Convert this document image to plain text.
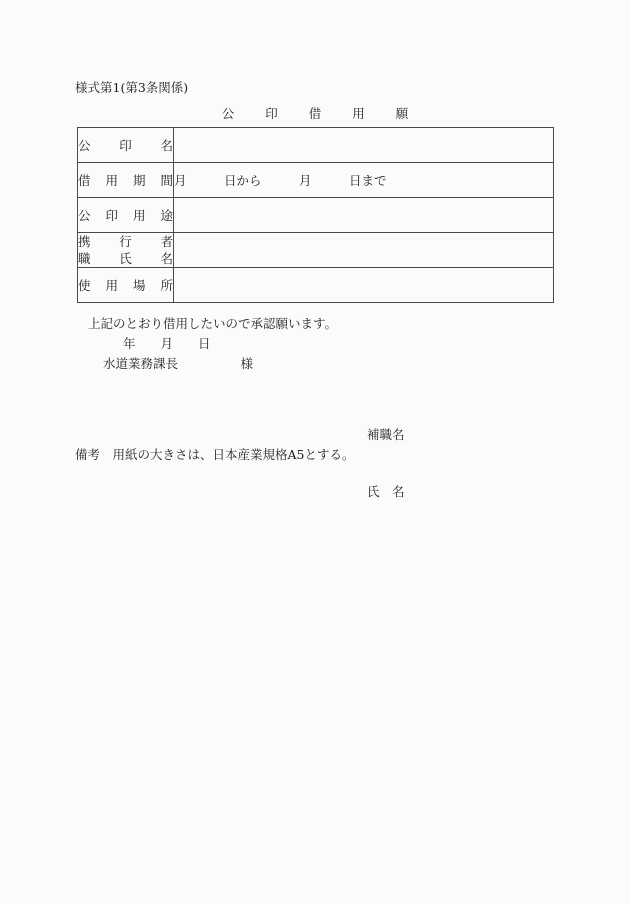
様式第1(第3条関係)
公印借用願
公 印 名	

借 用 期 間	月　　　日から　　　月　　　日まで

公 印 用 途	

携 行 者
職 氏 名

使 用 場 所	

上記のとおり借用したいので承認願います。
年　　月　　日
水道業務課長　　　　　様

補職名

氏　名

備考　用紙の大きさは、日本産業規格A5とする。
